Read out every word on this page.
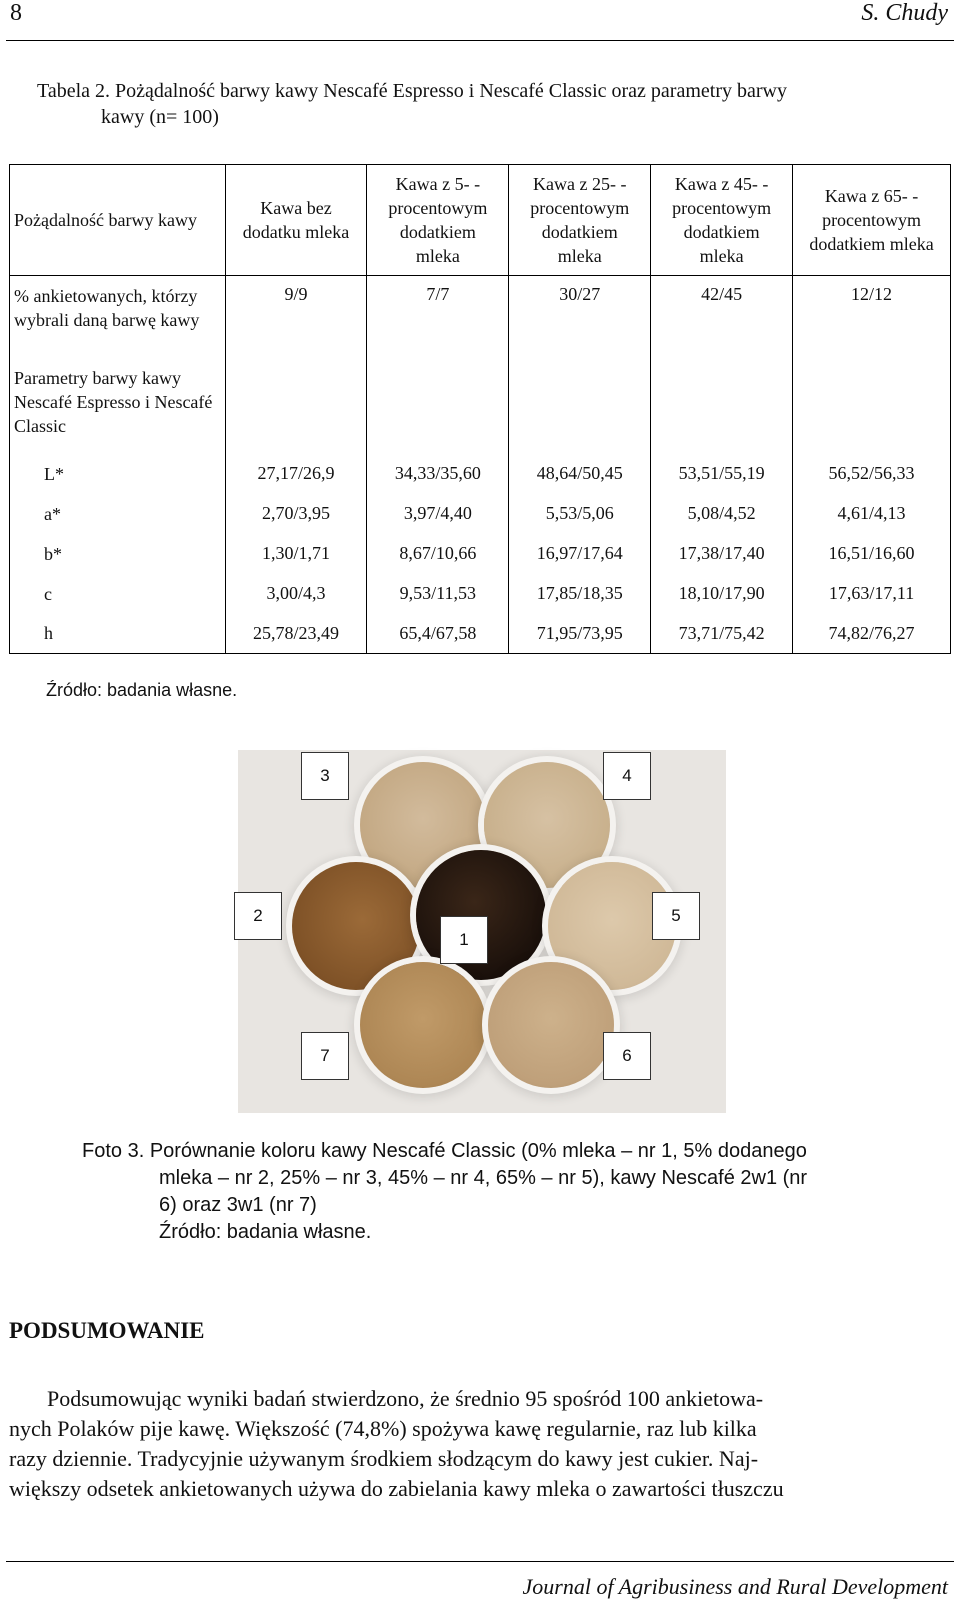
8	S. Chudy
Tabela 2. Pożądalność barwy kawy Nescafé Espresso i Nescafé Classic oraz parametry barwy
kawy (n= 100)
Pożądalność barwy kawy	Kawa bez dodatku mleka	Kawa z 5- -procentowym dodatkiem mleka	Kawa z 25- -procentowym dodatkiem mleka	Kawa z 45- -procentowym dodatkiem mleka	Kawa z 65- -procentowym dodatkiem mleka
% ankietowanych, którzy wybrali daną barwę kawy	9/9	7/7	30/27	42/45	12/12
Parametry barwy kawy Nescafé Espresso i Nescafé Classic					
L*	27,17/26,9	34,33/35,60	48,64/50,45	53,51/55,19	56,52/56,33
a*	2,70/3,95	3,97/4,40	5,53/5,06	5,08/4,52	4,61/4,13
b*	1,30/1,71	8,67/10,66	16,97/17,64	17,38/17,40	16,51/16,60
c	3,00/4,3	9,53/11,53	17,85/18,35	18,10/17,90	17,63/17,11
h	25,78/23,49	65,4/67,58	71,95/73,95	73,71/75,42	74,82/76,27
Źródło: badania własne.
3	4
2
1
5
7	6
Foto 3. Porównanie koloru kawy Nescafé Classic (0% mleka – nr 1, 5% dodanego
mleka – nr 2, 25% – nr 3, 45% – nr 4, 65% – nr 5), kawy Nescafé 2w1 (nr
6) oraz 3w1 (nr 7)
Źródło: badania własne.
PODSUMOWANIE
Podsumowując wyniki badań stwierdzono, że średnio 95 spośród 100 ankietowa-
nych Polaków pije kawę. Większość (74,8%) spożywa kawę regularnie, raz lub kilka
razy dziennie. Tradycyjnie używanym środkiem słodzącym do kawy jest cukier. Naj-
większy odsetek ankietowanych używa do zabielania kawy mleka o zawartości tłuszczu
Journal of Agribusiness and Rural Development
